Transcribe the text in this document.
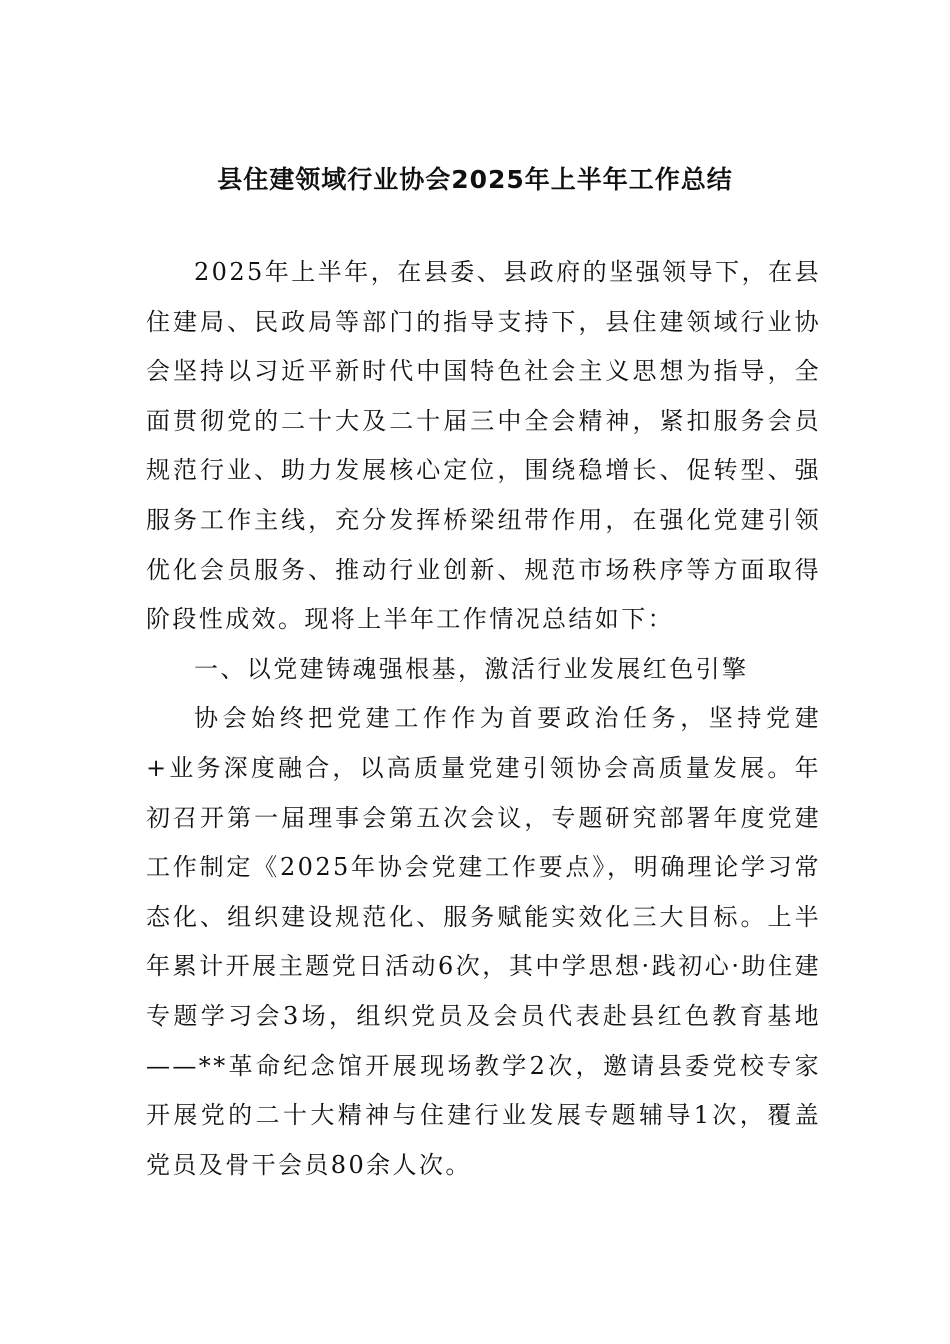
县住建领域行业协会2025年上半年工作总结

2025年上半年，在县委、县政府的坚强领导下，在县住建局、民政局等部门的指导支持下，县住建领域行业协会坚持以习近平新时代中国特色社会主义思想为指导，全面贯彻党的二十大及二十届三中全会精神，紧扣服务会员规范行业、助力发展核心定位，围绕稳增长、促转型、强服务工作主线，充分发挥桥梁纽带作用，在强化党建引领优化会员服务、推动行业创新、规范市场秩序等方面取得阶段性成效。现将上半年工作情况总结如下：

一、以党建铸魂强根基，激活行业发展红色引擎

协会始终把党建工作作为首要政治任务，坚持党建+业务深度融合，以高质量党建引领协会高质量发展。年初召开第一届理事会第五次会议，专题研究部署年度党建工作制定《2025年协会党建工作要点》，明确理论学习常态化、组织建设规范化、服务赋能实效化三大目标。上半年累计开展主题党日活动6次，其中学思想·践初心·助住建专题学习会3场，组织党员及会员代表赴县红色教育基地——**革命纪念馆开展现场教学2次，邀请县委党校专家开展党的二十大精神与住建行业发展专题辅导1次，覆盖党员及骨干会员80余人次。
